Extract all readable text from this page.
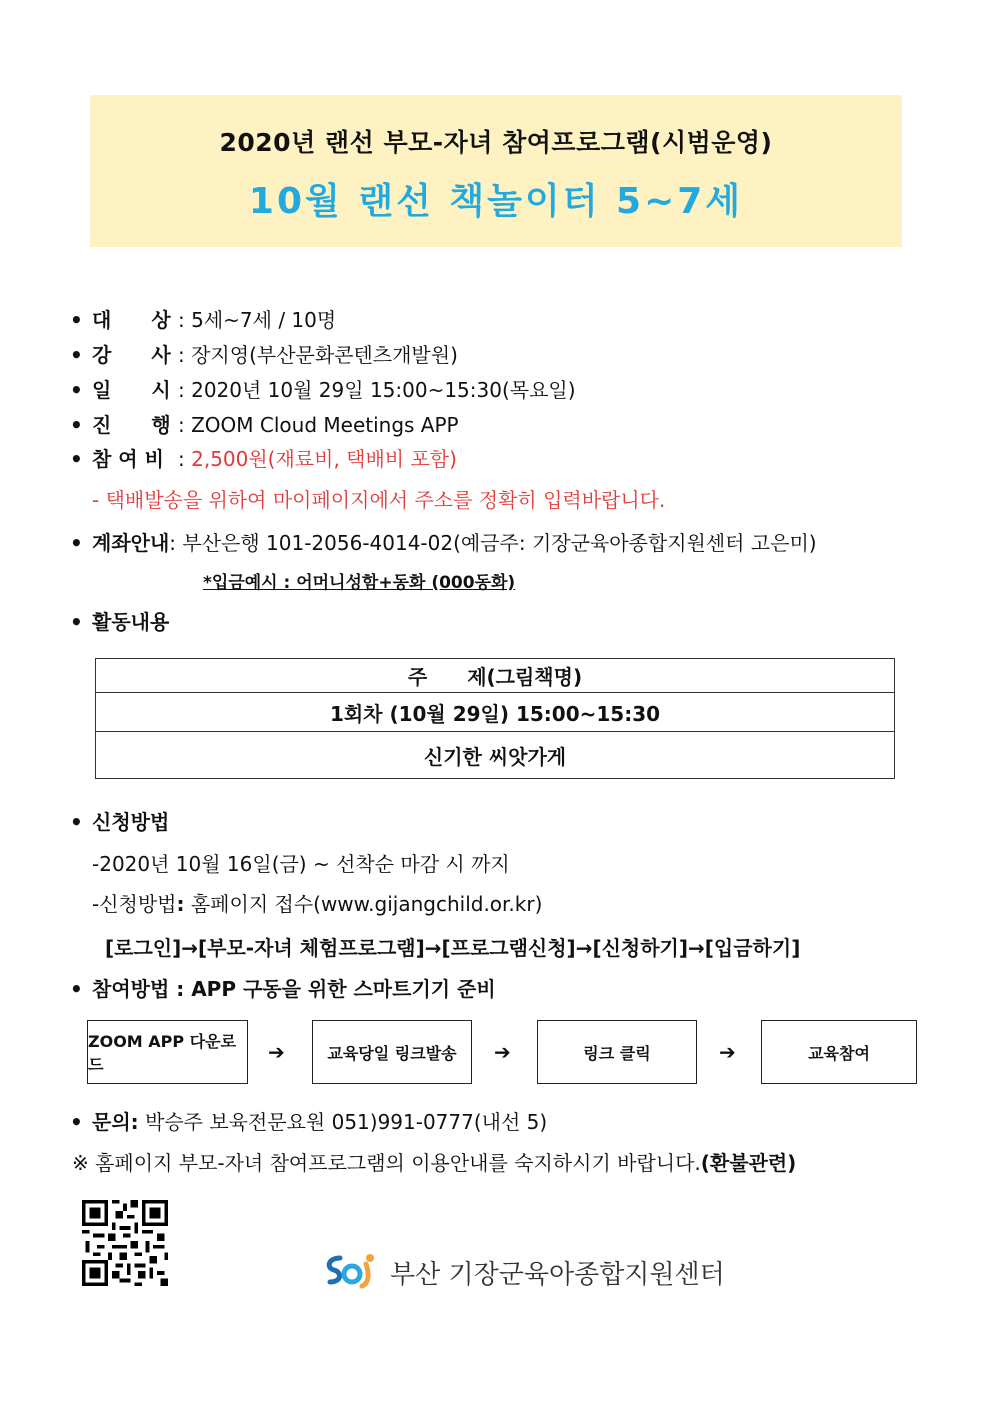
2020년 랜선 부모-자녀 참여프로그램(시범운영)
10월 랜선 책놀이터 5~7세
• 대　　상 : 5세~7세 / 10명
• 강　　사 : 장지영(부산문화콘텐츠개발원)
• 일　　시 : 2020년 10월 29일 15:00~15:30(목요일)
• 진　　행 : ZOOM Cloud Meetings APP
• 참 여 비 : 2,500원(재료비, 택배비 포함)
- 택배발송을 위하여 마이페이지에서 주소를 정확히 입력바랍니다.
• 계좌안내: 부산은행 101-2056-4014-02(예금주: 기장군육아종합지원센터 고은미)
*입금예시 : 어머니성함+동화 (000동화)
• 활동내용
주　　제(그림책명)
1회차 (10월 29일) 15:00~15:30
신기한 씨앗가게
• 신청방법
-2020년 10월 16일(금) ~ 선착순 마감 시 까지
-신청방법: 홈페이지 접수(www.gijangchild.or.kr)
[로그인]→[부모-자녀 체험프로그램]→[프로그램신청]→[신청하기]→[입금하기]
• 참여방법 : APP 구동을 위한 스마트기기 준비
ZOOM APP 다운로드
➔	교육당일 링크발송	➔	링크 클릭	➔	교육참여
• 문의: 박승주 보육전문요원 051)991-0777(내선 5)
※ 홈페이지 부모-자녀 참여프로그램의 이용안내를 숙지하시기 바랍니다.(환불관련)
부산 기장군육아종합지원센터
